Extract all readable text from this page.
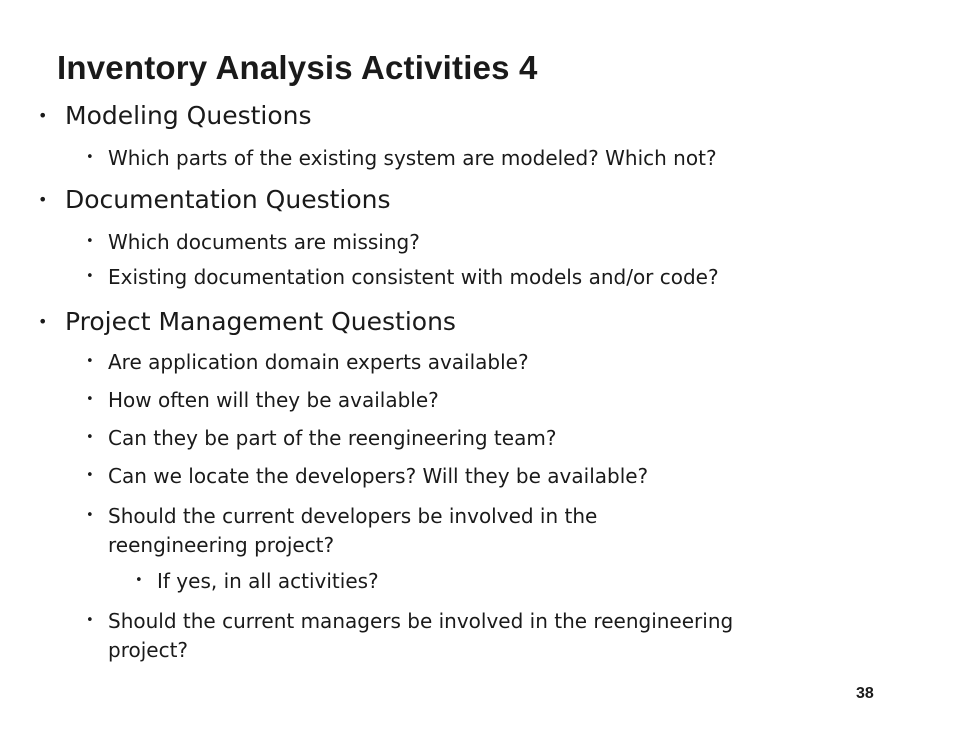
Inventory Analysis Activities 4
• Modeling Questions
• Which parts of the existing system are modeled? Which not?
• Documentation Questions
• Which documents are missing?
• Existing documentation consistent with models and/or code?
• Project Management Questions
• Are application domain experts available?
• How often will they be available?
• Can they be part of the reengineering team?
• Can we locate the developers? Will they be available?
• Should the current developers be involved in the
reengineering project?
• If yes, in all activities?
• Should the current managers be involved in the reengineering
project?
38
